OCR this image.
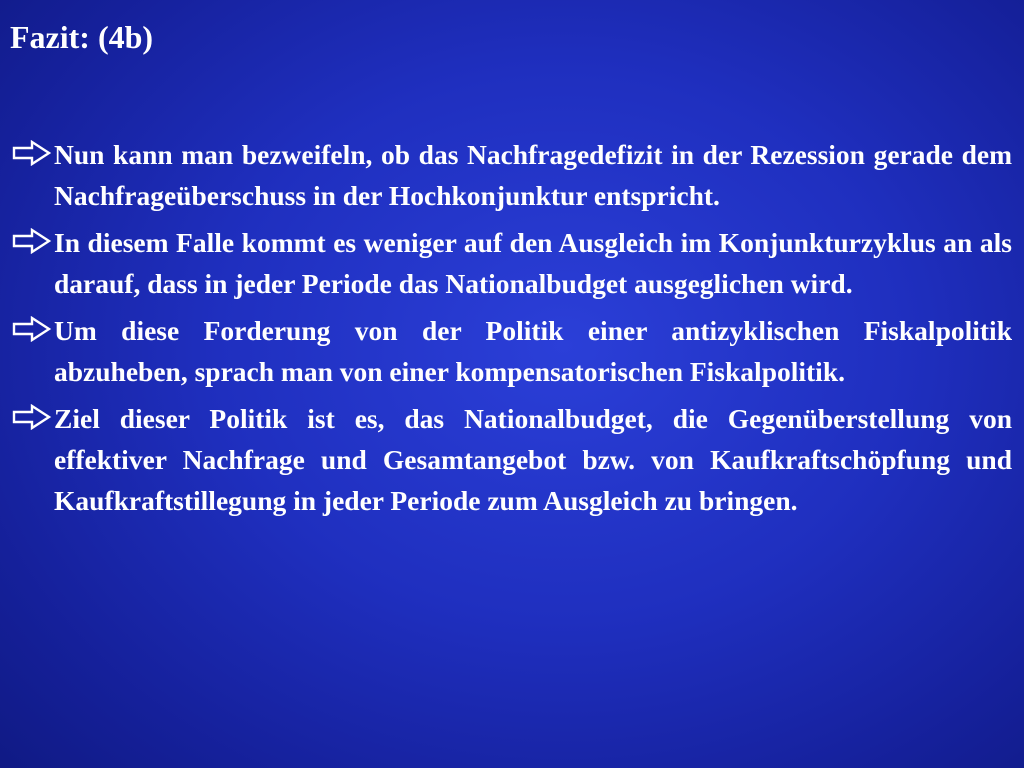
Fazit: (4b)
Nun kann man bezweifeln, ob das Nachfragedefizit in der Rezession gerade dem Nachfrageüberschuss in der Hochkonjunktur entspricht.
In diesem Falle kommt es weniger auf den Ausgleich im Konjunkturzyklus an als darauf, dass in jeder Periode das Nationalbudget ausgeglichen wird.
Um diese Forderung von der Politik einer antizyklischen Fiskalpolitik abzuheben, sprach man von einer kompensatorischen Fiskalpolitik.
Ziel dieser Politik ist es, das Nationalbudget, die Gegenüberstellung von effektiver Nachfrage und Gesamtangebot bzw. von Kaufkraftschöpfung und Kaufkraftstillegung in jeder Periode zum Ausgleich zu bringen.
